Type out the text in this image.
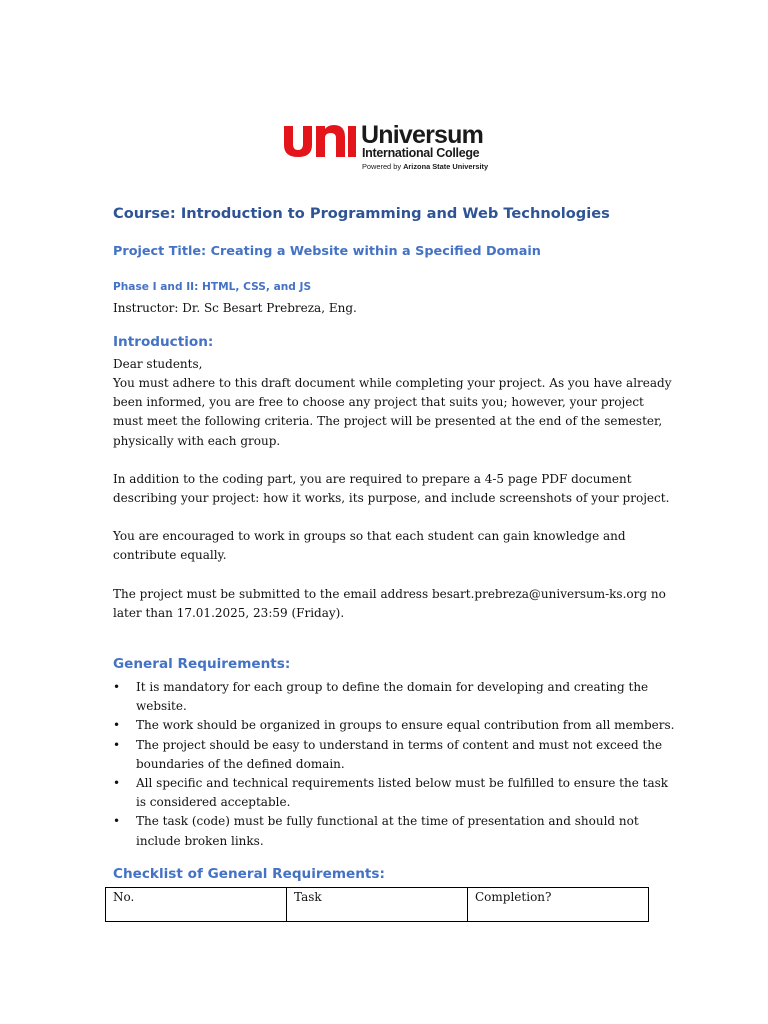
Universum
International College
Powered by Arizona State University
Course: Introduction to Programming and Web Technologies
Project Title: Creating a Website within a Specified Domain
Phase I and II: HTML, CSS, and JS

Instructor: Dr. Sc Besart Prebreza, Eng.

Introduction:

Dear students,

You must adhere to this draft document while completing your project. As you have already
been informed, you are free to choose any project that suits you; however, your project
must meet the following criteria. The project will be presented at the end of the semester,
physically with each group.

In addition to the coding part, you are required to prepare a 4-5 page PDF document
describing your project: how it works, its purpose, and include screenshots of your project.

You are encouraged to work in groups so that each student can gain knowledge and
contribute equally.

The project must be submitted to the email address besart.prebreza@universum-ks.org no
later than 17.01.2025, 23:59 (Friday).

General Requirements:
• It is mandatory for each group to define the domain for developing and creating the
website.
• The work should be organized in groups to ensure equal contribution from all members.
• The project should be easy to understand in terms of content and must not exceed the
boundaries of the defined domain.
• All specific and technical requirements listed below must be fulfilled to ensure the task
is considered acceptable.
• The task (code) must be fully functional at the time of presentation and should not
include broken links.
Checklist of General Requirements:
No.	Task	Completion?
